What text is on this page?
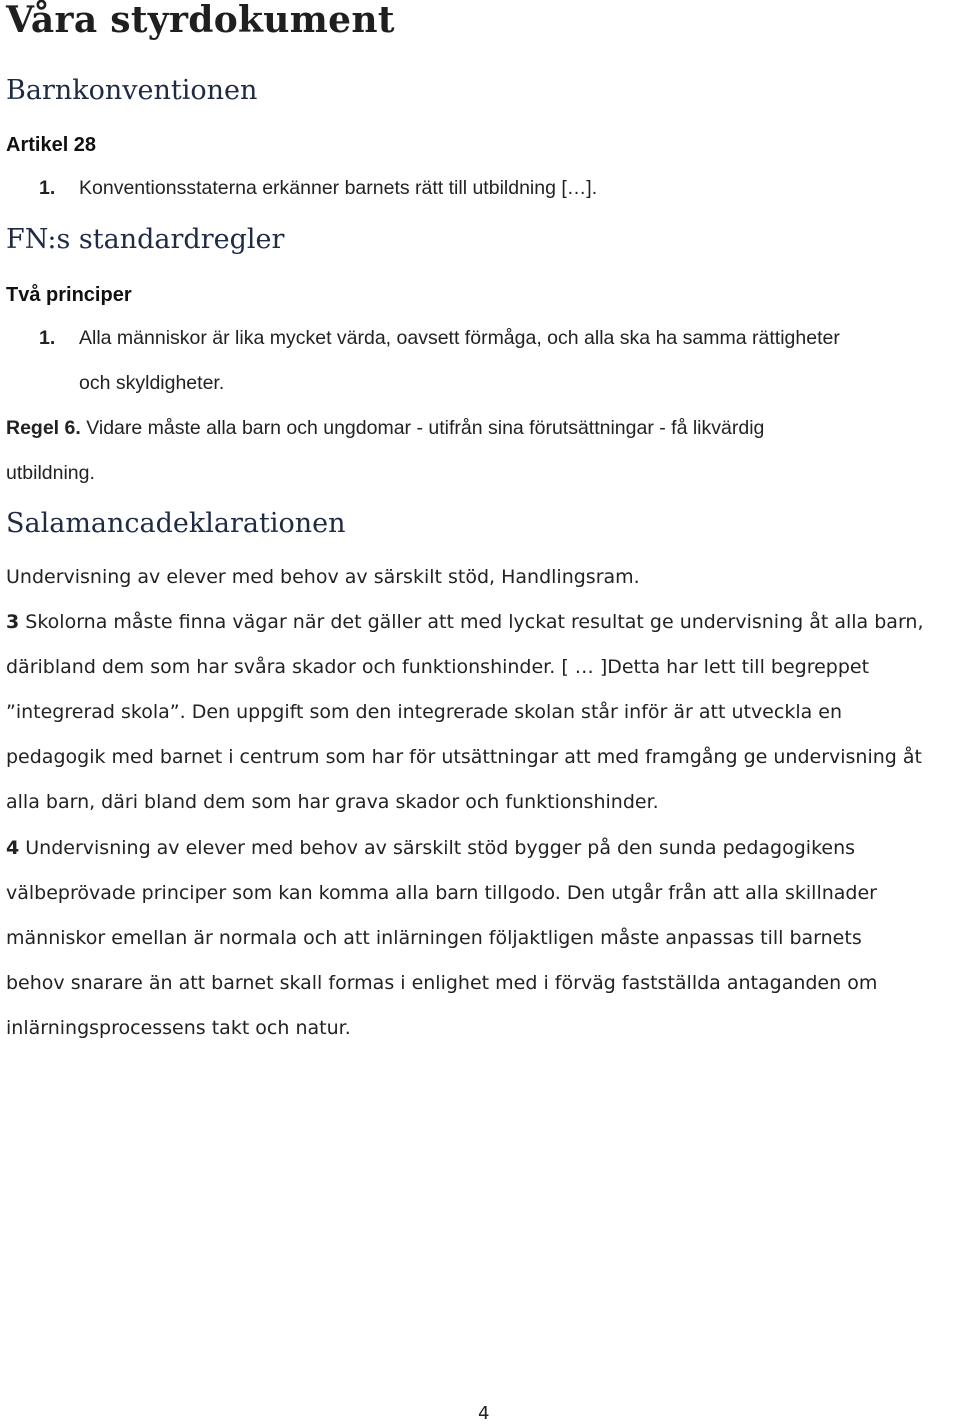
Våra styrdokument
Barnkonventionen
Artikel 28
1. Konventionsstaterna erkänner barnets rätt till utbildning […].
FN:s standardregler
Två principer
1. Alla människor är lika mycket värda, oavsett förmåga, och alla ska ha samma rättigheter
och skyldigheter.
Regel 6. Vidare måste alla barn och ungdomar - utifrån sina förutsättningar - få likvärdig
utbildning.
Salamancadeklarationen
Undervisning av elever med behov av särskilt stöd, Handlingsram.
3 Skolorna måste finna vägar när det gäller att med lyckat resultat ge undervisning åt alla barn,
däribland dem som har svåra skador och funktionshinder. [ … ]Detta har lett till begreppet
”integrerad skola”. Den uppgift som den integrerade skolan står inför är att utveckla en
pedagogik med barnet i centrum som har för utsättningar att med framgång ge undervisning åt
alla barn, däri bland dem som har grava skador och funktionshinder.
4 Undervisning av elever med behov av särskilt stöd bygger på den sunda pedagogikens
välbeprövade principer som kan komma alla barn tillgodo. Den utgår från att alla skillnader
människor emellan är normala och att inlärningen följaktligen måste anpassas till barnets
behov snarare än att barnet skall formas i enlighet med i förväg fastställda antaganden om
inlärningsprocessens takt och natur.
4
